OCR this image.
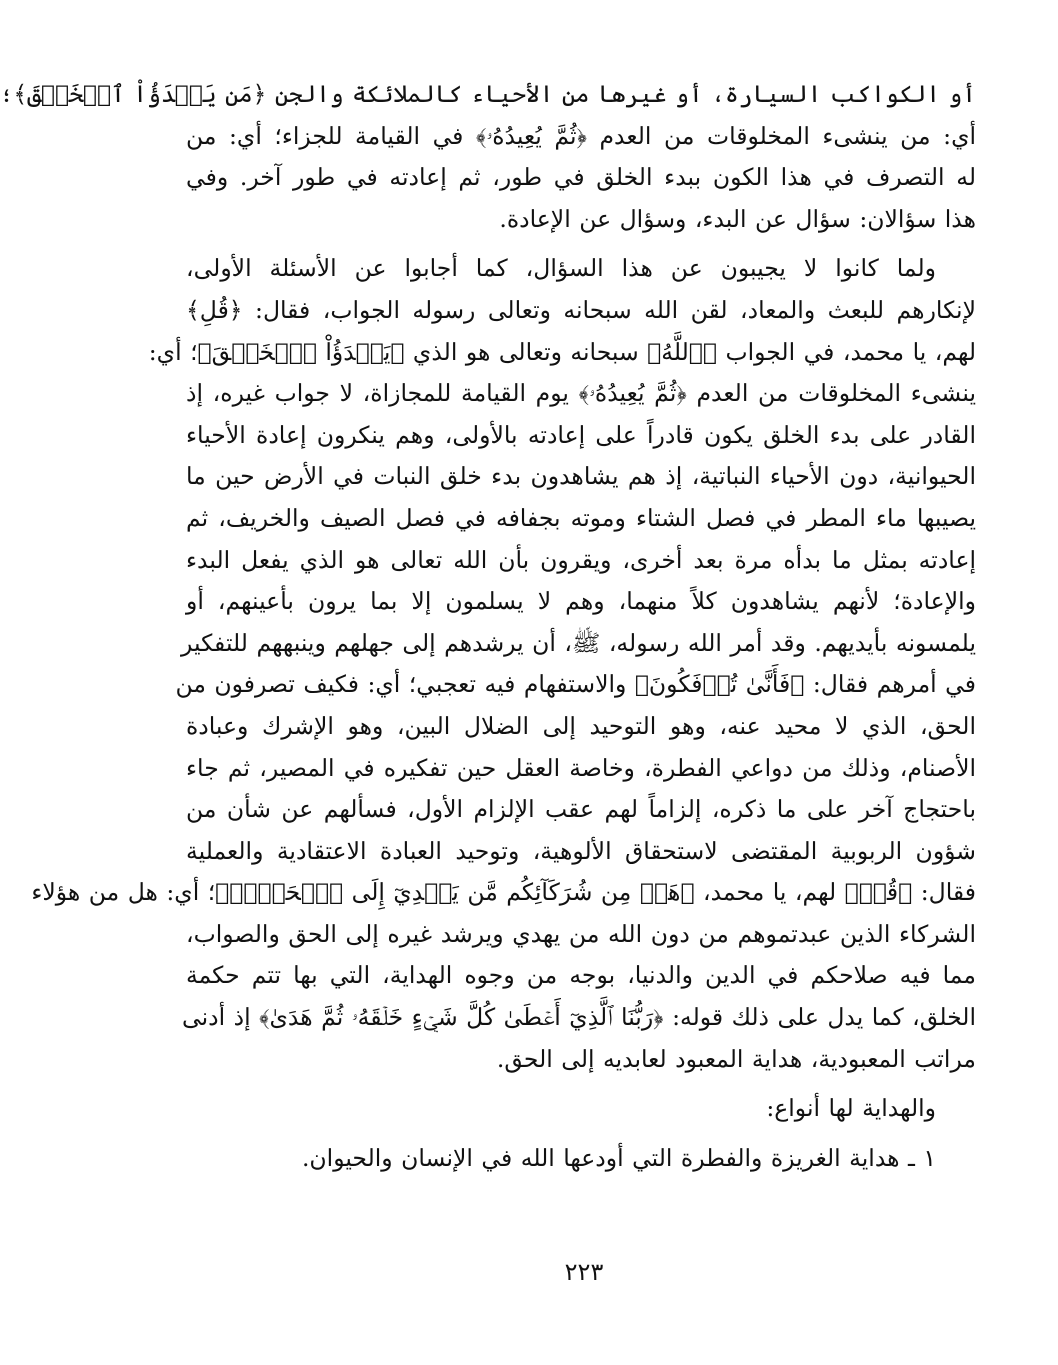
أو الكواكب السيارة، أو غيرها من الأحياء كالملائكة والجن ﴿مَن يَبۡدَؤُاْ ٱلۡخَلۡقَ﴾؛
أي: من ينشىء المخلوقات من العدم ﴿ثُمَّ يُعِيدُهُۥ﴾ في القيامة للجزاء؛ أي: من
له التصرف في هذا الكون ببدء الخلق في طور، ثم إعادته في طور آخر. وفي
هذا سؤالان: سؤال عن البدء، وسؤال عن الإعادة.
ولما كانوا لا يجيبون عن هذا السؤال، كما أجابوا عن الأسئلة الأولى،
لإنكارهم للبعث والمعاد، لقن الله سبحانه وتعالى رسوله الجواب، فقال: ﴿قُلِ﴾
لهم، يا محمد، في الجواب ﴿ٱللَّهُ﴾ سبحانه وتعالى هو الذي ﴿يَبۡدَؤُاْ ٱلۡخَلۡقَ﴾؛ أي:
ينشىء المخلوقات من العدم ﴿ثُمَّ يُعِيدُهُۥ﴾ يوم القيامة للمجازاة، لا جواب غيره، إذ
القادر على بدء الخلق يكون قادراً على إعادته بالأولى، وهم ينكرون إعادة الأحياء
الحيوانية، دون الأحياء النباتية، إذ هم يشاهدون بدء خلق النبات في الأرض حين ما
يصيبها ماء المطر في فصل الشتاء وموته بجفافه في فصل الصيف والخريف، ثم
إعادته بمثل ما بدأه مرة بعد أخرى، ويقرون بأن الله تعالى هو الذي يفعل البدء
والإعادة؛ لأنهم يشاهدون كلاً منهما، وهم لا يسلمون إلا بما يرون بأعينهم، أو
يلمسونه بأيديهم. وقد أمر الله رسوله، ﷺ، أن يرشدهم إلى جهلهم وينبههم للتفكير
في أمرهم فقال: ﴿فَأَنَّىٰ تُؤۡفَكُونَ﴾ والاستفهام فيه تعجبي؛ أي: فكيف تصرفون من
الحق، الذي لا محيد عنه، وهو التوحيد إلى الضلال البين، وهو الإشرك وعبادة
الأصنام، وذلك من دواعي الفطرة، وخاصة العقل حين تفكيره في المصير، ثم جاء
باحتجاج آخر على ما ذكره، إلزاماً لهم عقب الإلزام الأول، فسألهم عن شأن من
شؤون الربوبية المقتضى لاستحقاق الألوهية، وتوحيد العبادة الاعتقادية والعملية
فقال: ﴿قُلۡ﴾ لهم، يا محمد، ﴿هَلۡ مِن شُرَكَآئِكُم مَّن يَهۡدِيٓ إِلَى ٱلۡحَقِّۚ﴾؛ أي: هل من هؤلاء
الشركاء الذين عبدتموهم من دون الله من يهدي ويرشد غيره إلى الحق والصواب،
مما فيه صلاحكم في الدين والدنيا، بوجه من وجوه الهداية، التي بها تتم حكمة
الخلق، كما يدل على ذلك قوله: ﴿رَبُّنَا ٱلَّذِيٓ أَعۡطَىٰ كُلَّ شَيۡءٍ خَلۡقَهُۥ ثُمَّ هَدَىٰ﴾ إذ أدنى
مراتب المعبودية، هداية المعبود لعابديه إلى الحق.
والهداية لها أنواع:
١ ـ هداية الغريزة والفطرة التي أودعها الله في الإنسان والحيوان.
٢٢٣
